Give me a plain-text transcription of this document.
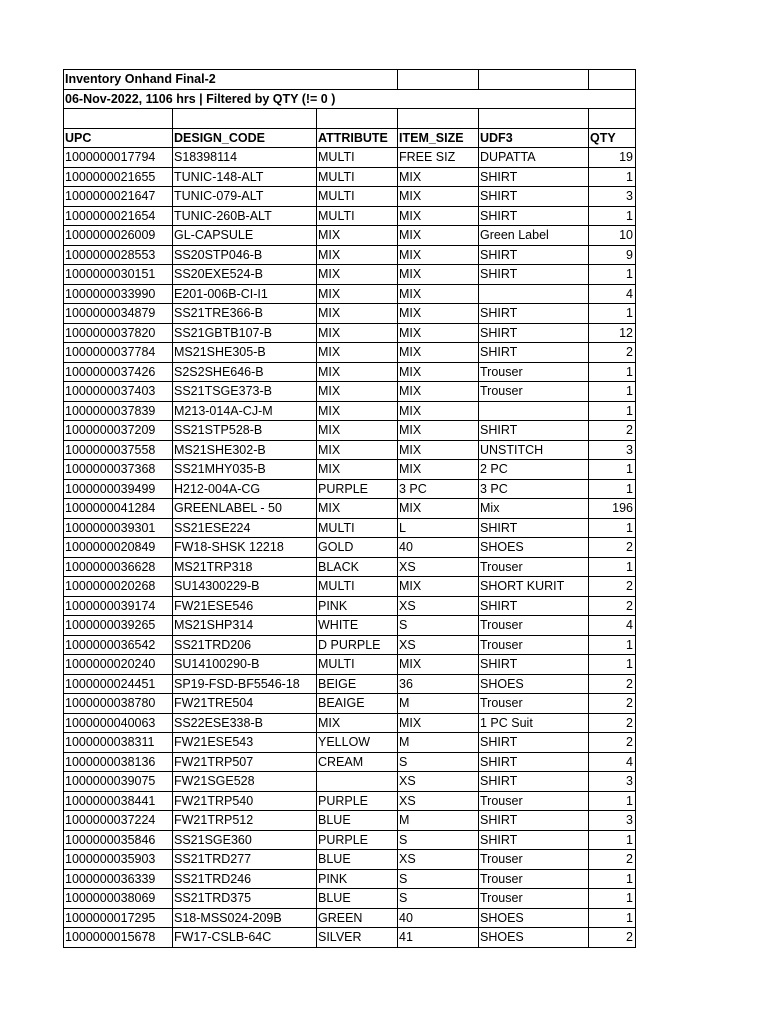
Inventory Onhand Final-2					
06-Nov-2022, 1106 hrs | Filtered by QTY (!= 0 )					

UPC	DESIGN_CODE	ATTRIBUTE	ITEM_SIZE	UDF3	QTY
1000000017794	S18398114	MULTI	FREE SIZ	DUPATTA	19
1000000021655	TUNIC-148-ALT	MULTI	MIX	SHIRT	1
1000000021647	TUNIC-079-ALT	MULTI	MIX	SHIRT	3
1000000021654	TUNIC-260B-ALT	MULTI	MIX	SHIRT	1
1000000026009	GL-CAPSULE	MIX	MIX	Green Label	10
1000000028553	SS20STP046-B	MIX	MIX	SHIRT	9
1000000030151	SS20EXE524-B	MIX	MIX	SHIRT	1
1000000033990	E201-006B-CI-I1	MIX	MIX		4
1000000034879	SS21TRE366-B	MIX	MIX	SHIRT	1
1000000037820	SS21GBTB107-B	MIX	MIX	SHIRT	12
1000000037784	MS21SHE305-B	MIX	MIX	SHIRT	2
1000000037426	S2S2SHE646-B	MIX	MIX	Trouser	1
1000000037403	SS21TSGE373-B	MIX	MIX	Trouser	1
1000000037839	M213-014A-CJ-M	MIX	MIX		1
1000000037209	SS21STP528-B	MIX	MIX	SHIRT	2
1000000037558	MS21SHE302-B	MIX	MIX	UNSTITCH	3
1000000037368	SS21MHY035-B	MIX	MIX	2 PC	1
1000000039499	H212-004A-CG	PURPLE	3 PC	3 PC	1
1000000041284	GREENLABEL - 50	MIX	MIX	Mix	196
1000000039301	SS21ESE224	MULTI	L	SHIRT	1
1000000020849	FW18-SHSK 12218	GOLD	40	SHOES	2
1000000036628	MS21TRP318	BLACK	XS	Trouser	1
1000000020268	SU14300229-B	MULTI	MIX	SHORT KURIT	2
1000000039174	FW21ESE546	PINK	XS	SHIRT	2
1000000039265	MS21SHP314	WHITE	S	Trouser	4
1000000036542	SS21TRD206	D PURPLE	XS	Trouser	1
1000000020240	SU14100290-B	MULTI	MIX	SHIRT	1
1000000024451	SP19-FSD-BF5546-18	BEIGE	36	SHOES	2
1000000038780	FW21TRE504	BEAIGE	M	Trouser	2
1000000040063	SS22ESE338-B	MIX	MIX	1 PC Suit	2
1000000038311	FW21ESE543	YELLOW	M	SHIRT	2
1000000038136	FW21TRP507	CREAM	S	SHIRT	4
1000000039075	FW21SGE528		XS	SHIRT	3
1000000038441	FW21TRP540	PURPLE	XS	Trouser	1
1000000037224	FW21TRP512	BLUE	M	SHIRT	3
1000000035846	SS21SGE360	PURPLE	S	SHIRT	1
1000000035903	SS21TRD277	BLUE	XS	Trouser	2
1000000036339	SS21TRD246	PINK	S	Trouser	1
1000000038069	SS21TRD375	BLUE	S	Trouser	1
1000000017295	S18-MSS024-209B	GREEN	40	SHOES	1
1000000015678	FW17-CSLB-64C	SILVER	41	SHOES	2
